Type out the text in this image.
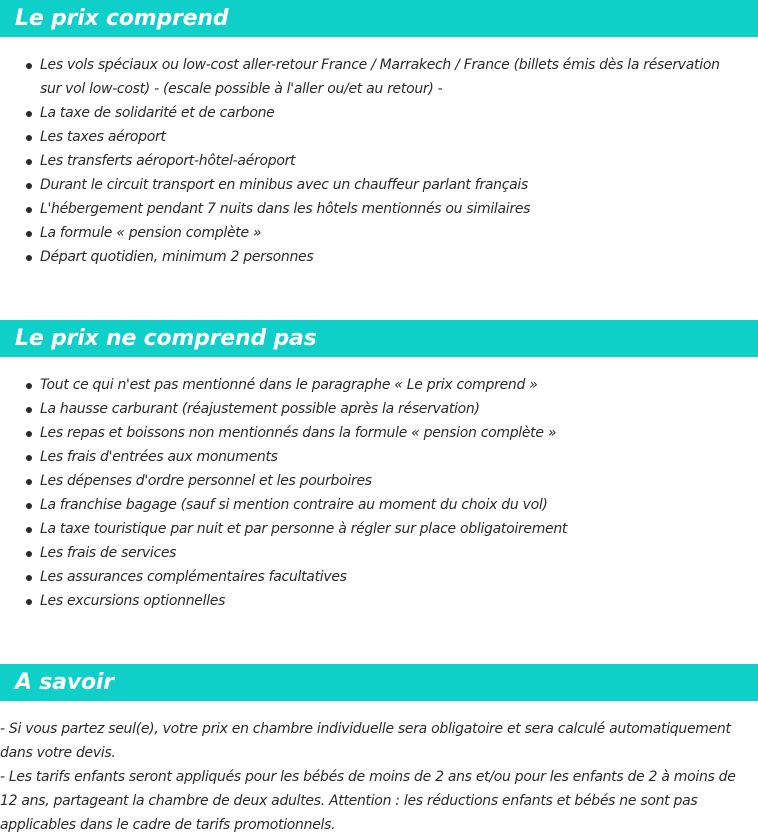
Le prix comprend
Les vols spéciaux ou low-cost aller-retour France / Marrakech / France (billets émis dès la réservation sur vol low-cost) - (escale possible à l'aller ou/et au retour) -
La taxe de solidarité et de carbone
Les taxes aéroport
Les transferts aéroport-hôtel-aéroport
Durant le circuit transport en minibus avec un chauffeur parlant français
L'hébergement pendant 7 nuits dans les hôtels mentionnés ou similaires
La formule « pension complète »
Départ quotidien, minimum 2 personnes
Le prix ne comprend pas
Tout ce qui n'est pas mentionné dans le paragraphe « Le prix comprend »
La hausse carburant (réajustement possible après la réservation)
Les repas et boissons non mentionnés dans la formule « pension complète »
Les frais d'entrées aux monuments
Les dépenses d'ordre personnel et les pourboires
La franchise bagage (sauf si mention contraire au moment du choix du vol)
La taxe touristique par nuit et par personne à régler sur place obligatoirement
Les frais de services
Les assurances complémentaires facultatives
Les excursions optionnelles
A savoir

- Si vous partez seul(e), votre prix en chambre individuelle sera obligatoire et sera calculé automatiquement dans votre devis.

- Les tarifs enfants seront appliqués pour les bébés de moins de 2 ans et/ou pour les enfants de 2 à moins de 12 ans, partageant la chambre de deux adultes. Attention : les réductions enfants et bébés ne sont pas applicables dans le cadre de tarifs promotionnels.
